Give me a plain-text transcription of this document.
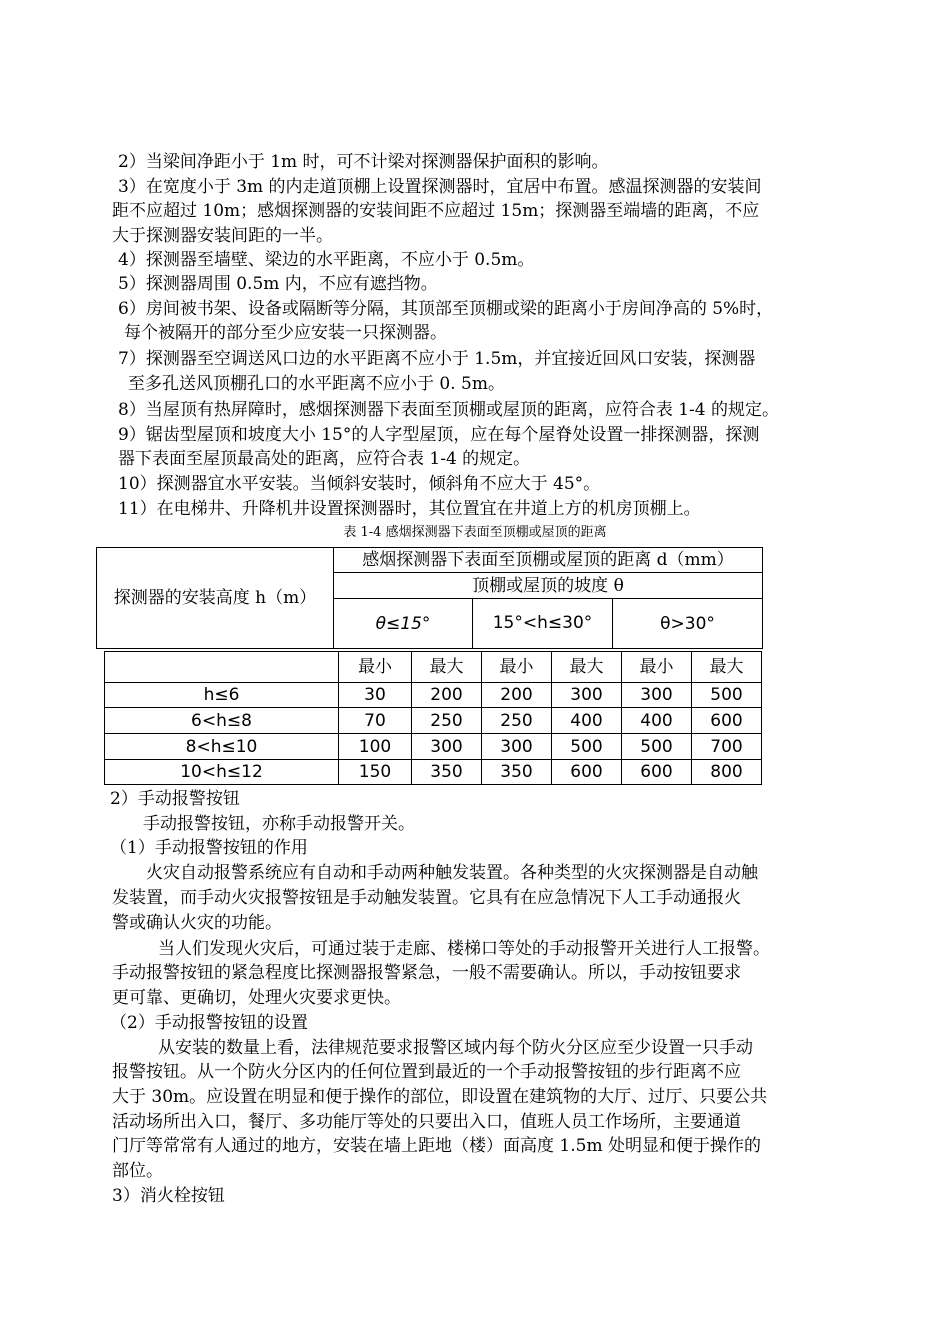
2）当梁间净距小于 1m 时，可不计梁对探测器保护面积的影响。
3）在宽度小于 3m 的内走道顶棚上设置探测器时，宜居中布置。感温探测器的安装间
距不应超过 10m；感烟探测器的安装间距不应超过 15m；探测器至端墙的距离，不应
大于探测器安装间距的一半。
4）探测器至墙壁、梁边的水平距离，不应小于 0.5m。
5）探测器周围 0.5m 内，不应有遮挡物。
6）房间被书架、设备或隔断等分隔，其顶部至顶棚或梁的距离小于房间净高的 5%时，
每个被隔开的部分至少应安装一只探测器。
7）探测器至空调送风口边的水平距离不应小于 1.5m，并宜接近回风口安装，探测器
至多孔送风顶棚孔口的水平距离不应小于 0. 5m。
8）当屋顶有热屏障时，感烟探测器下表面至顶棚或屋顶的距离，应符合表 1-4 的规定。
9）锯齿型屋顶和坡度大小 15°的人字型屋顶，应在每个屋脊处设置一排探测器，探测
器下表面至屋顶最高处的距离，应符合表 1-4 的规定。
10）探测器宜水平安装。当倾斜安装时，倾斜角不应大于 45°。
11）在电梯井、升降机井设置探测器时，其位置宜在井道上方的机房顶棚上。
表 1-4 感烟探测器下表面至顶棚或屋顶的距离
探测器的安装高度 h（m）
感烟探测器下表面至顶棚或屋顶的距离 d（mm）
顶棚或屋顶的坡度 θ
θ≤15°	15°<h≤30°	θ>30°
最小	最大	最小	最大	最小	最大
h≤6	30	200	200	300	300	500
6<h≤8	70	250	250	400	400	600
8<h≤10	100	300	300	500	500	700
10<h≤12	150	350	350	600	600	800
2）手动报警按钮
手动报警按钮，亦称手动报警开关。
（1）手动报警按钮的作用
火灾自动报警系统应有自动和手动两种触发装置。各种类型的火灾探测器是自动触
发装置，而手动火灾报警按钮是手动触发装置。它具有在应急情况下人工手动通报火
警或确认火灾的功能。
当人们发现火灾后，可通过装于走廊、楼梯口等处的手动报警开关进行人工报警。
手动报警按钮的紧急程度比探测器报警紧急，一般不需要确认。所以，手动按钮要求
更可靠、更确切，处理火灾要求更快。
（2）手动报警按钮的设置
从安装的数量上看，法律规范要求报警区域内每个防火分区应至少设置一只手动
报警按钮。从一个防火分区内的任何位置到最近的一个手动报警按钮的步行距离不应
大于 30m。应设置在明显和便于操作的部位，即设置在建筑物的大厅、过厅、只要公共
活动场所出入口，餐厅、多功能厅等处的只要出入口，值班人员工作场所，主要通道
门厅等常常有人通过的地方，安装在墙上距地（楼）面高度 1.5m 处明显和便于操作的
部位。
3）消火栓按钮
